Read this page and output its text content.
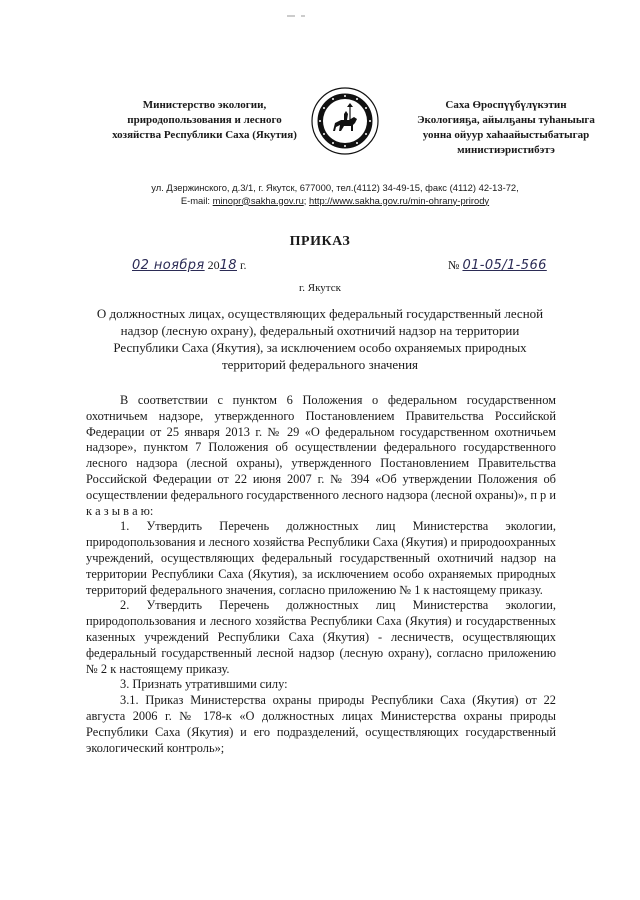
Министерство экологии,
природопользования и лесного
хозяйства Республики Саха (Якутия)
Саха Өроспүүбүлүкэтин
Экологияҕа, айылҕаны туһаныыга
уонна ойуур хаһаайыстыбатыгар
министиэристибэтэ
ул. Дзержинского, д.3/1, г. Якутск, 677000, тел.(4112) 34-49-15, факс (4112) 42-13-72,
E-mail: minopr@sakha.gov.ru; http://www.sakha.gov.ru/min-ohrany-prirody
ПРИКАЗ
02 ноября 2018 г.	№ 01-05/1-566
г. Якутск
О должностных лицах, осуществляющих федеральный государственный лесной надзор (лесную охрану), федеральный охотничий надзор на территории Республики Саха (Якутия), за исключением особо охраняемых природных территорий федерального значения

В соответствии с пунктом 6 Положения о федеральном государственном охотничьем надзоре, утвержденного Постановлением Правительства Российской Федерации от 25 января 2013 г. № 29 «О федеральном государственном охотничьем надзоре», пунктом 7 Положения об осуществлении федерального государственного лесного надзора (лесной охраны), утвержденного Постановлением Правительства Российской Федерации от 22 июня 2007 г. № 394 «Об утверждении Положения об осуществлении федерального государственного лесного надзора (лесной охраны)», п р и к а з ы в а ю:

1. Утвердить Перечень должностных лиц Министерства экологии, природопользования и лесного хозяйства Республики Саха (Якутия) и природоохранных учреждений, осуществляющих федеральный государственный охотничий надзор на территории Республики Саха (Якутия), за исключением особо охраняемых природных территорий федерального значения, согласно приложению № 1 к настоящему приказу.

2. Утвердить Перечень должностных лиц Министерства экологии, природопользования и лесного хозяйства Республики Саха (Якутия) и государственных казенных учреждений Республики Саха (Якутия) - лесничеств, осуществляющих федеральный государственный лесной надзор (лесную охрану), согласно приложению № 2 к настоящему приказу.

3. Признать утратившими силу:

3.1. Приказ Министерства охраны природы Республики Саха (Якутия) от 22 августа 2006 г. № 178-к «О должностных лицах Министерства охраны природы Республики Саха (Якутия) и его подразделений, осуществляющих государственный экологический контроль»;
